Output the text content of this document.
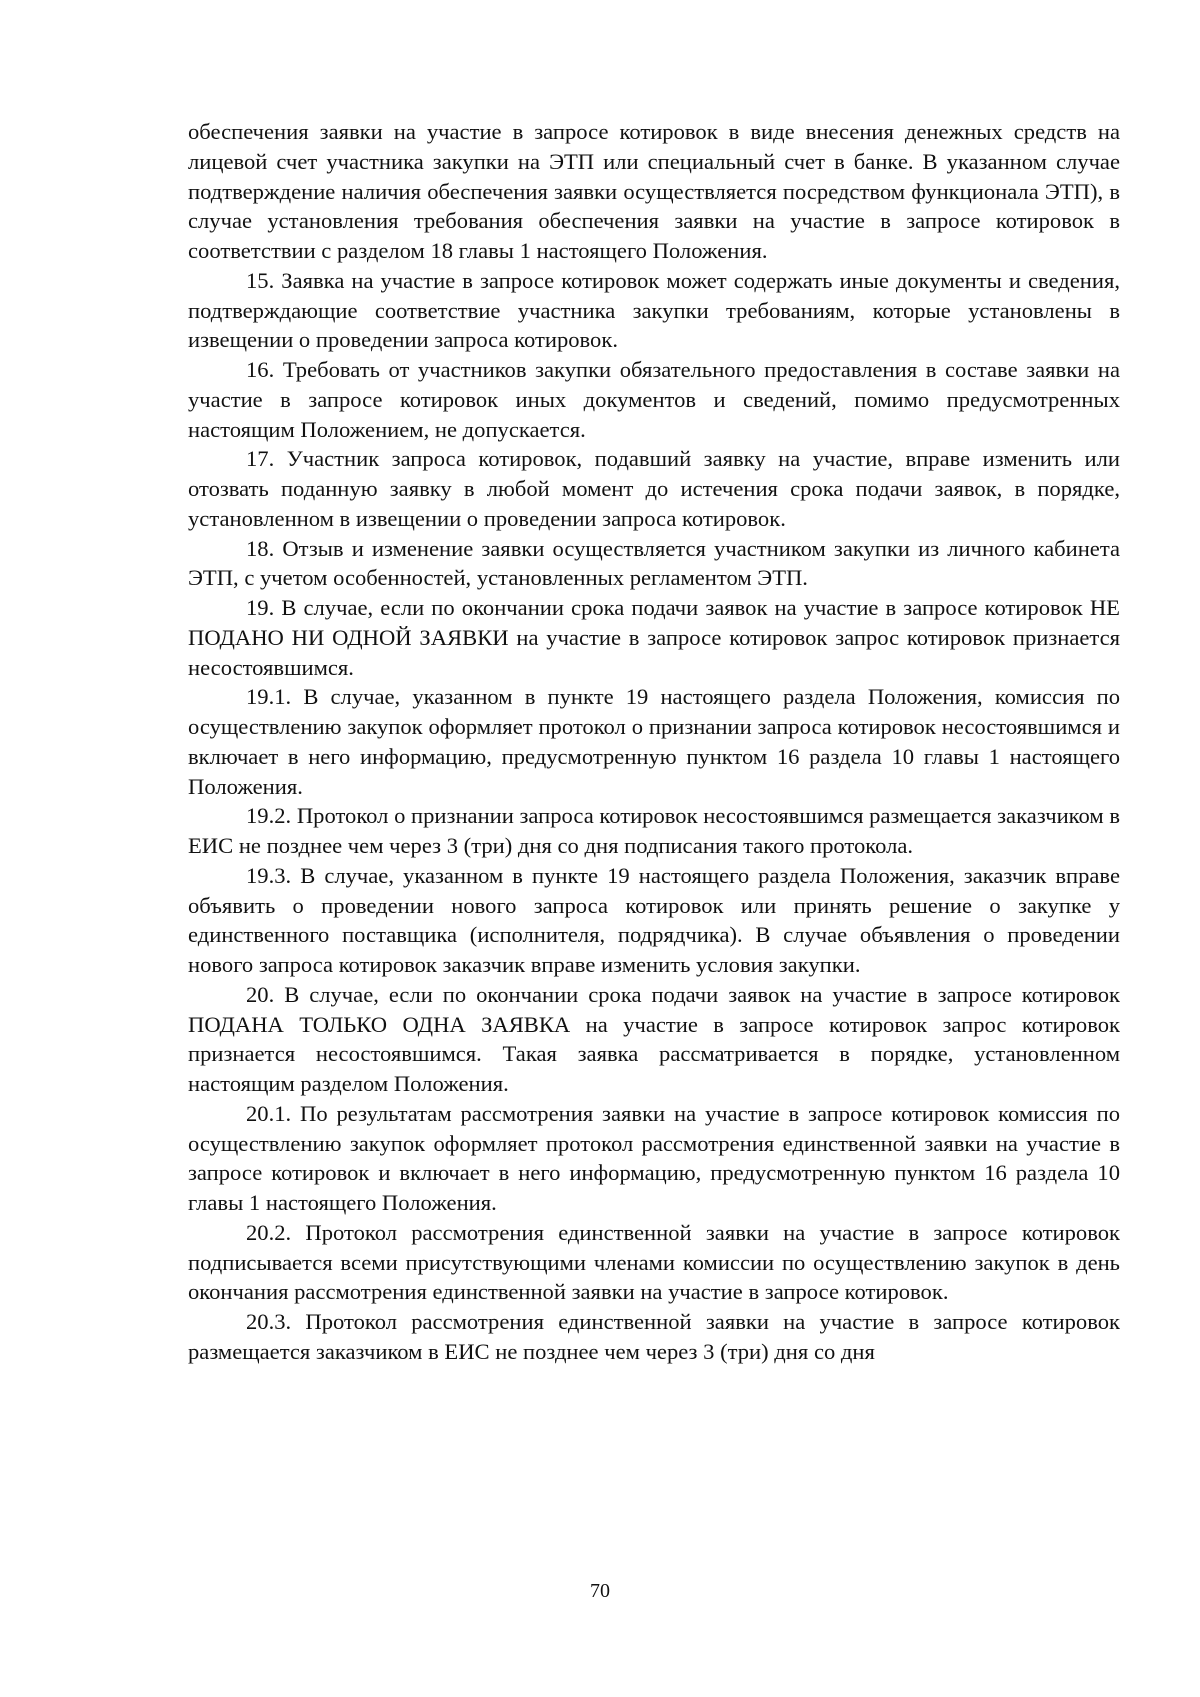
обеспечения заявки на участие в запросе котировок в виде внесения денежных средств на лицевой счет участника закупки на ЭТП или специальный счет в банке. В указанном случае подтверждение наличия обеспечения заявки осуществляется посредством функционала ЭТП), в случае установления требования обеспечения заявки на участие в запросе котировок в соответствии с разделом 18 главы 1 настоящего Положения.

15. Заявка на участие в запросе котировок может содержать иные документы и сведения, подтверждающие соответствие участника закупки требованиям, которые установлены в извещении о проведении запроса котировок.

16. Требовать от участников закупки обязательного предоставления в составе заявки на участие в запросе котировок иных документов и сведений, помимо предусмотренных настоящим Положением, не допускается.

17. Участник запроса котировок, подавший заявку на участие, вправе изменить или отозвать поданную заявку в любой момент до истечения срока подачи заявок, в порядке, установленном в извещении о проведении запроса котировок.

18. Отзыв и изменение заявки осуществляется участником закупки из личного кабинета ЭТП, с учетом особенностей, установленных регламентом ЭТП.

19. В случае, если по окончании срока подачи заявок на участие в запросе котировок НЕ ПОДАНО НИ ОДНОЙ ЗАЯВКИ на участие в запросе котировок запрос котировок признается несостоявшимся.

19.1. В случае, указанном в пункте 19 настоящего раздела Положения, комиссия по осуществлению закупок оформляет протокол о признании запроса котировок несостоявшимся и включает в него информацию, предусмотренную пунктом 16 раздела 10 главы 1 настоящего Положения.

19.2. Протокол о признании запроса котировок несостоявшимся размещается заказчиком в ЕИС не позднее чем через 3 (три) дня со дня подписания такого протокола.

19.3. В случае, указанном в пункте 19 настоящего раздела Положения, заказчик вправе объявить о проведении нового запроса котировок или принять решение о закупке у единственного поставщика (исполнителя, подрядчика). В случае объявления о проведении нового запроса котировок заказчик вправе изменить условия закупки.

20. В случае, если по окончании срока подачи заявок на участие в запросе котировок ПОДАНА ТОЛЬКО ОДНА ЗАЯВКА на участие в запросе котировок запрос котировок признается несостоявшимся. Такая заявка рассматривается в порядке, установленном настоящим разделом Положения.

20.1. По результатам рассмотрения заявки на участие в запросе котировок комиссия по осуществлению закупок оформляет протокол рассмотрения единственной заявки на участие в запросе котировок и включает в него информацию, предусмотренную пунктом 16 раздела 10 главы 1 настоящего Положения.

20.2. Протокол рассмотрения единственной заявки на участие в запросе котировок подписывается всеми присутствующими членами комиссии по осуществлению закупок в день окончания рассмотрения единственной заявки на участие в запросе котировок.

20.3. Протокол рассмотрения единственной заявки на участие в запросе котировок размещается заказчиком в ЕИС не позднее чем через 3 (три) дня со дня

70
